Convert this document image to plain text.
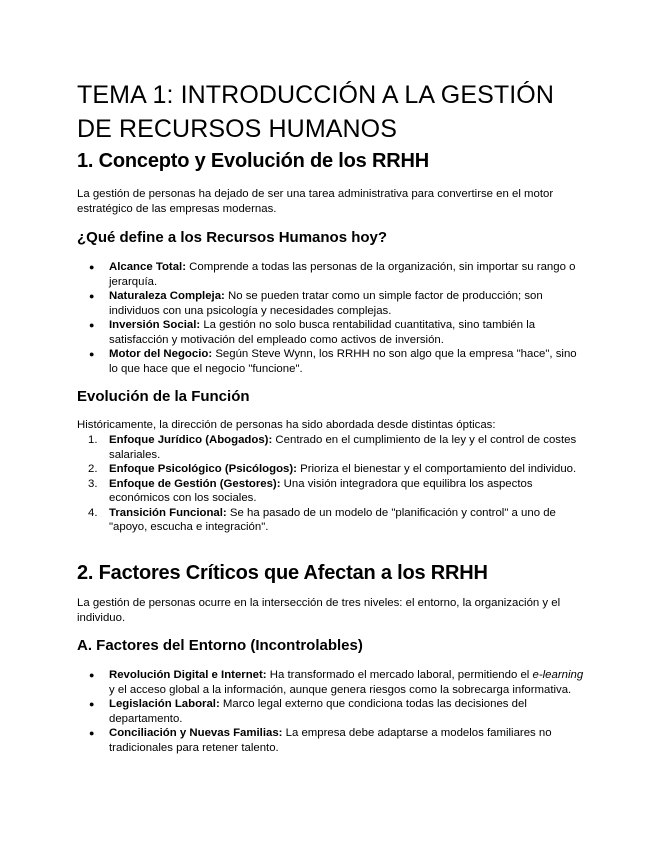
TEMA 1: INTRODUCCIÓN A LA GESTIÓN DE RECURSOS HUMANOS
1. Concepto y Evolución de los RRHH

La gestión de personas ha dejado de ser una tarea administrativa para convertirse en el motor estratégico de las empresas modernas.

¿Qué define a los Recursos Humanos hoy?
● Alcance Total: Comprende a todas las personas de la organización, sin importar su rango o jerarquía.
● Naturaleza Compleja: No se pueden tratar como un simple factor de producción; son individuos con una psicología y necesidades complejas.
● Inversión Social: La gestión no solo busca rentabilidad cuantitativa, sino también la satisfacción y motivación del empleado como activos de inversión.
● Motor del Negocio: Según Steve Wynn, los RRHH no son algo que la empresa "hace", sino lo que hace que el negocio "funcione".
Evolución de la Función

Históricamente, la dirección de personas ha sido abordada desde distintas ópticas:

1. Enfoque Jurídico (Abogados): Centrado en el cumplimiento de la ley y el control de costes salariales.
2. Enfoque Psicológico (Psicólogos): Prioriza el bienestar y el comportamiento del individuo.
3. Enfoque de Gestión (Gestores): Una visión integradora que equilibra los aspectos económicos con los sociales.
4. Transición Funcional: Se ha pasado de un modelo de "planificación y control" a uno de "apoyo, escucha e integración".
2. Factores Críticos que Afectan a los RRHH

La gestión de personas ocurre en la intersección de tres niveles: el entorno, la organización y el individuo.

A. Factores del Entorno (Incontrolables)
● Revolución Digital e Internet: Ha transformado el mercado laboral, permitiendo el e-learning y el acceso global a la información, aunque genera riesgos como la sobrecarga informativa.
● Legislación Laboral: Marco legal externo que condiciona todas las decisiones del departamento.
● Conciliación y Nuevas Familias: La empresa debe adaptarse a modelos familiares no tradicionales para retener talento.
